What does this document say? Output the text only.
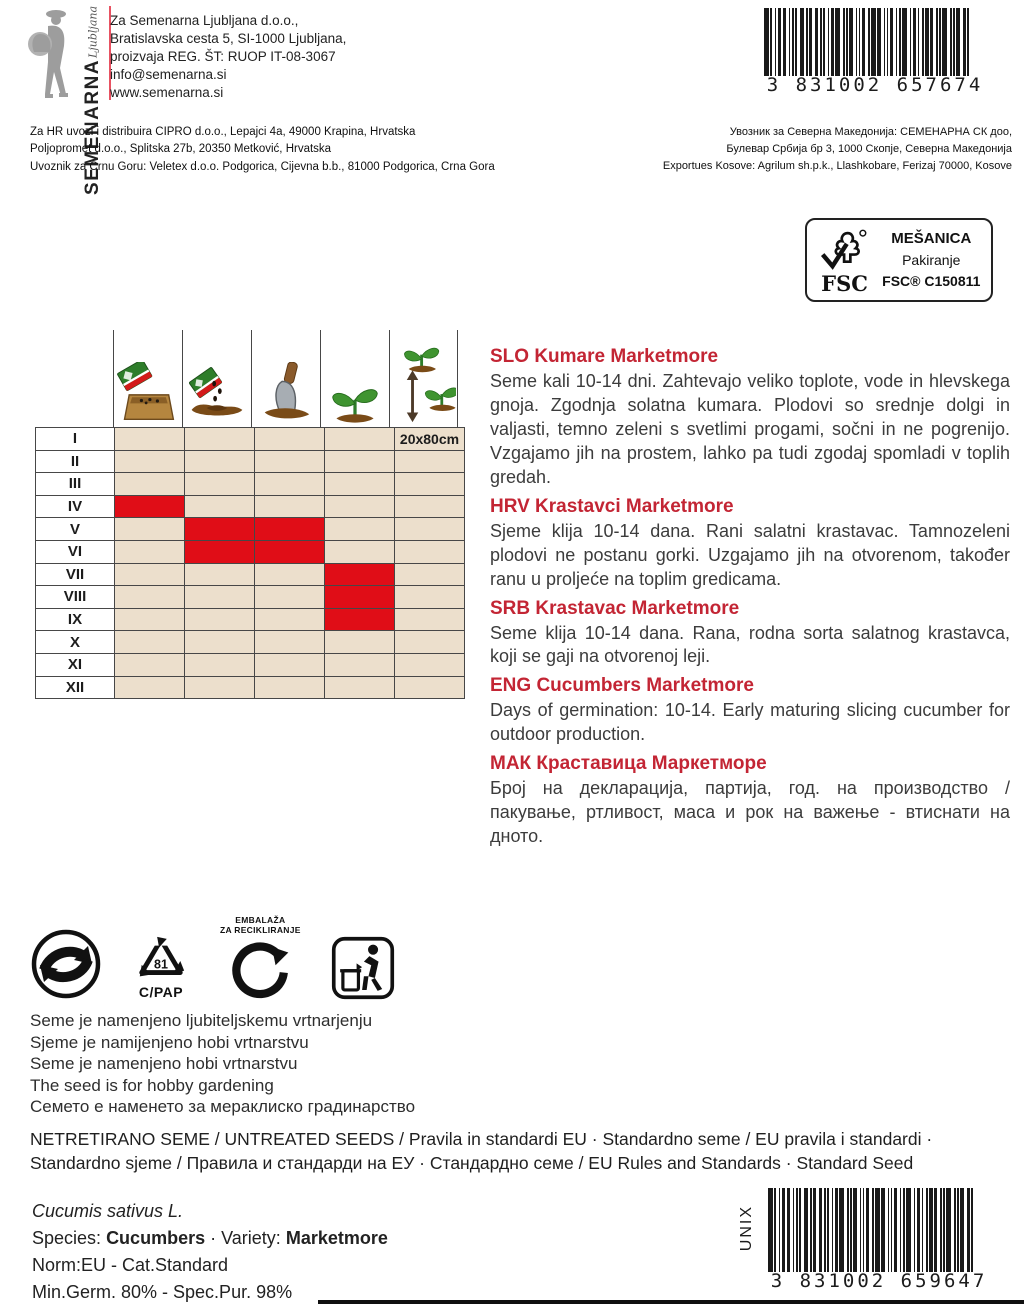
SEMENARNA
Ljubljana Za Semenarna Ljubljana d.o.o.,
Bratislavska cesta 5, SI-1000 Ljubljana,
proizvaja REG. ŠT: RUOP IT-08-3067
info@semenarna.si
www.semenarna.si	3 831002 657674
Za HR uvozi i distribuira CIPRO d.o.o., Lepajci 4a, 49000 Krapina, Hrvatska
Poljopromet d.o.o., Splitska 27b, 20350 Metković, Hrvatska
Uvoznik za Crnu Goru: Veletex d.o.o. Podgorica, Cijevna b.b., 81000 Podgorica, Crna Gora
Увозник за Северна Македонија: СЕМЕНАРНА СК доо,
Булевар Србија бр 3, 1000 Скопје, Северна Македонија
Exportues Kosove: Agrilum sh.p.k., Llashkobare, Ferizaj 70000, Kosove
FSC
MEŠANICA
Pakiranje
FSC® C150811
I					20x80cm
II					
III					
IV					
V					
VI					
VII					
VIII					
IX					
X					
XI					
XII					
SLO Kumare Marketmore

Seme kali 10-14 dni. Zahtevajo veliko toplote, vode in hlevskega gnoja. Zgodnja solatna kumara. Plodovi so srednje dolgi in valjasti, temno zeleni s svetlimi progami, sočni in ne pogrenijo. Vzgajamo jih na prostem, lahko pa tudi zgodaj spomladi v toplih gredah.

HRV Krastavci Marketmore

Sjeme klija 10-14 dana. Rani salatni krastavac. Tamnozeleni plodovi ne postanu gorki. Uzgajamo jih na otvorenom, također ranu u proljeće na toplim gredicama.

SRB Krastavac Marketmore

Seme klija 10-14 dana. Rana, rodna sorta salatnog krastavca, koji se gaji na otvorenoj leji.

ENG Cucumbers Marketmore

Days of germination: 10-14. Early maturing slicing cucumber for outdoor production.

МАК Краставица Маркетморе

Број на декларација, партија, год. на производство / пакување, ртливост, маса и рок на важење - втиснати на дното.

81
C/PAP
EMBALAŽA
ZA RECIKLIRANJE
Seme je namenjeno ljubiteljskemu vrtnarjenju
Sjeme je namijenjeno hobi vrtnarstvu
Seme je namenjeno hobi vrtnarstvu
The seed is for hobby gardening
Семето е наменето за мераклиско градинарство
NETRETIRANO SEME / UNTREATED SEEDS / Pravila in standardi EU · Standardno seme / EU pravila i standardi · Standardno sjeme / Правила и стандарди на ЕУ · Стандардно семе / EU Rules and Standards · Standard Seed
Cucumis sativus L.
Species: Cucumbers · Variety: Marketmore
Norm:EU - Cat.Standard
Min.Germ. 80% - Spec.Pur. 98%
UNIX
3 831002 659647
